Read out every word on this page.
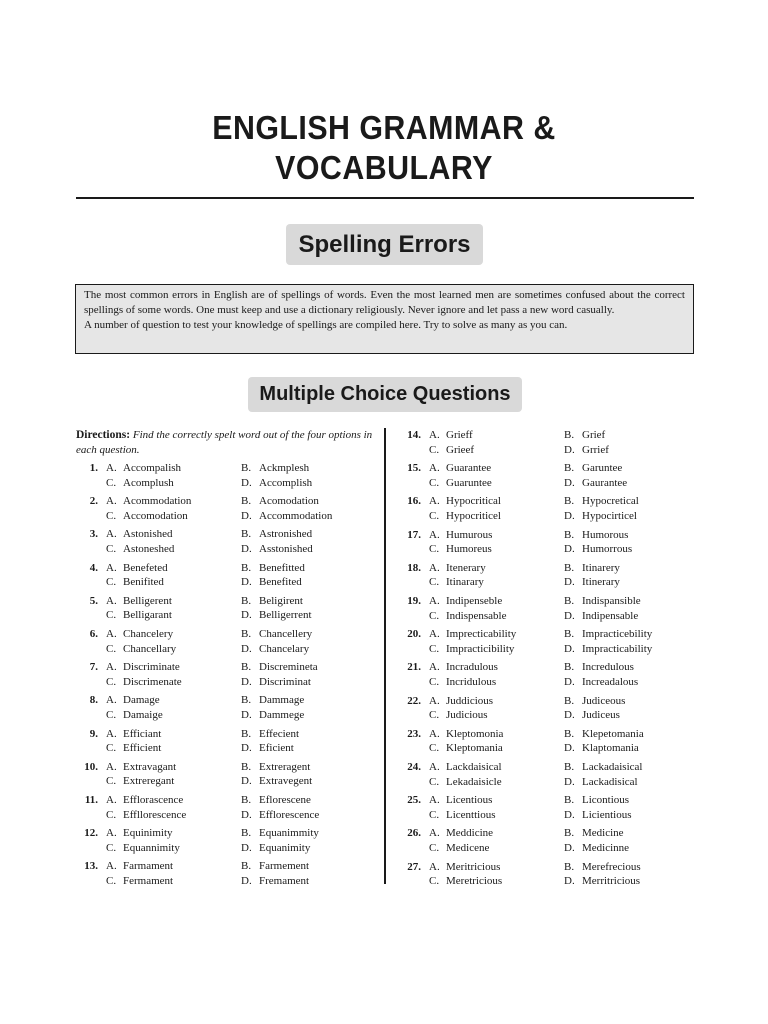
ENGLISH GRAMMAR &
VOCABULARY
Spelling Errors

The most common errors in English are of spellings of words. Even the most learned men are sometimes confused about the correct spellings of some words. One must keep and use a dictionary religiously. Never ignore and let pass a new word casually.

A number of question to test your knowledge of spellings are compiled here. Try to solve as many as you can.

Multiple Choice Questions
Directions: Find the correctly spelt word out of the four options in each question.
1. A. Accompalish
C. Acomplush
B. Ackmplesh
D. Accomplish
2. A. Acommodation
C. Accomodation
B. Acomodation
D. Accommodation
3. A. Astonished
C. Astoneshed
B. Astronished
D. Asstonished
4. A. Benefeted
C. Benifited
B. Benefitted
D. Benefited
5. A. Belligerent
C. Belligarant
B. Beligirent
D. Belligerrent
6. A. Chancelery
C. Chancellary
B. Chancellery
D. Chancelary
7. A. Discriminate
C. Discrimenate
B. Discremineta
D. Discriminat
8. A. Damage
C. Damaige
B. Dammage
D. Dammege
9. A. Efficiant
C. Efficient
B. Effecient
D. Eficient
10. A. Extravagant
C. Extreregant
B. Extreragent
D. Extravegent
11. A. Efflorascence
C. Effllorescence
B. Eflorescene
D. Efflorescence
12. A. Equinimity
C. Equannimity
B. Equanimmity
D. Equanimity
13. A. Farmament
C. Fermament
B. Farmement
D. Fremament
14. A. Grieff
C. Grieef
B. Grief
D. Grrief
15. A. Guarantee
C. Guaruntee
B. Garuntee
D. Gaurantee
16. A. Hypocritical
C. Hypocriticel
B. Hypocretical
D. Hypocirticel
17. A. Humurous
C. Humoreus
B. Humorous
D. Humorrous
18. A. Itenerary
C. Itinarary
B. Itinarery
D. Itinerary
19. A. Indipenseble
C. Indispensable
B. Indispansible
D. Indipensable
20. A. Imprecticability
C. Impracticibility
B. Impracticebility
D. Impracticability
21. A. Incradulous
C. Incridulous
B. Incredulous
D. Increadalous
22. A. Juddicious
C. Judicious
B. Judiceous
D. Judiceus
23. A. Kleptomonia
C. Kleptomania
B. Klepetomania
D. Klaptomania
24. A. Lackdaisical
C. Lekadaisicle
B. Lackadaisical
D. Lackadisical
25. A. Licentious
C. Licenttious
B. Licontious
D. Licientious
26. A. Meddicine
C. Medicene
B. Medicine
D. Medicinne
27. A. Meritricious
C. Meretricious
B. Merefrecious
D. Merritricious
